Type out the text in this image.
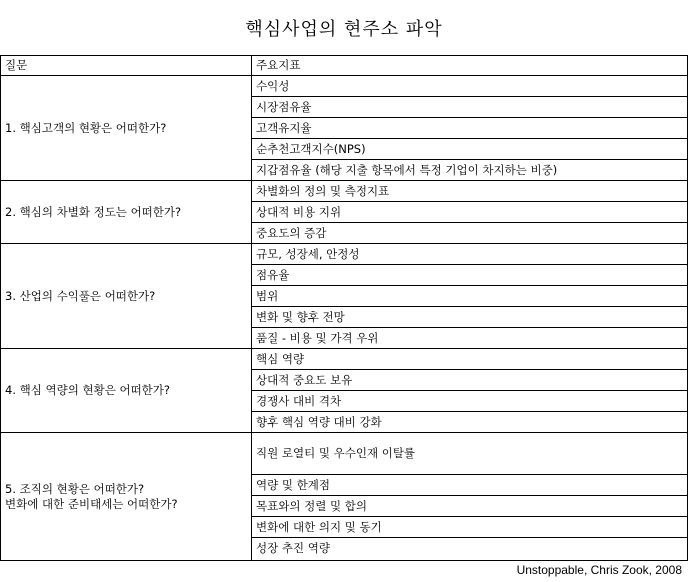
핵심사업의 현주소 파악
질문	주요지표
1. 핵심고객의 현황은 어떠한가?
수익성
시장점유율
고객유지율
순추천고객지수(NPS)
지갑점유율 (해당 지출 항목에서 특정 기업이 차지하는 비중)
2. 핵심의 차별화 정도는 어떠한가?
차별화의 정의 및 측정지표
상대적 비용 지위
중요도의 증감
3. 산업의 수익풀은 어떠한가?
규모, 성장세, 안정성
점유율
범위
변화 및 향후 전망
품질 - 비용 및 가격 우위
4. 핵심 역량의 현황은 어떠한가?
핵심 역량
상대적 중요도 보유
경쟁사 대비 격차
향후 핵심 역량 대비 강화
5. 조직의 현황은 어떠한가?
변화에 대한 준비태세는 어떠한가?
직원 로열티 및 우수인재 이탈률
역량 및 한계점
목표와의 정렬 및 합의
변화에 대한 의지 및 동기
성장 추진 역량
Unstoppable, Chris Zook, 2008
